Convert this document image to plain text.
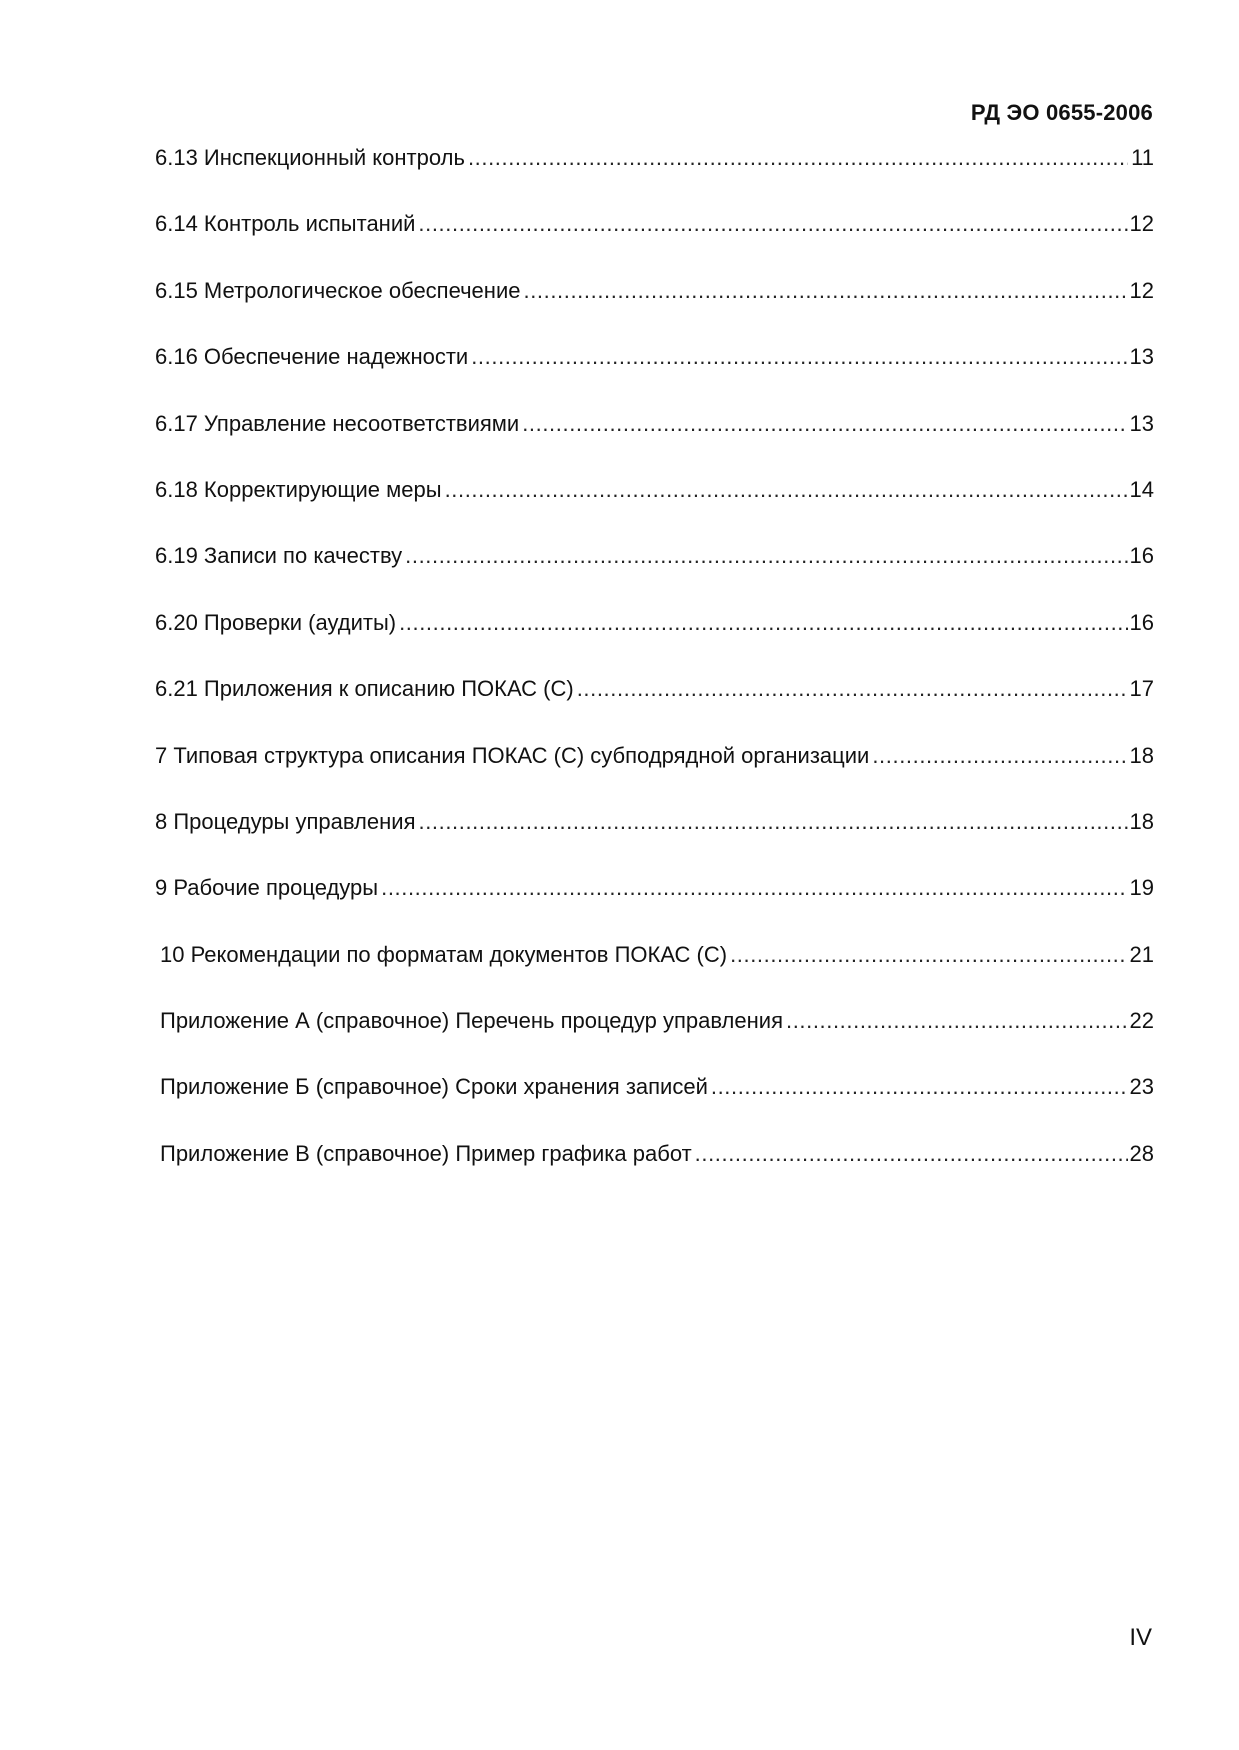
РД ЭО 0655-2006
6.13 Инспекционный контроль .....	11
6.14 Контроль испытаний .....	12
6.15 Метрологическое обеспечение .....	12
6.16 Обеспечение надежности .....	13
6.17 Управление несоответствиями .....	13
6.18 Корректирующие меры .....	14
6.19 Записи по качеству .....	16
6.20 Проверки (аудиты) .....	16
6.21 Приложения к описанию ПОКАС (С) .....	17
7 Типовая структура описания ПОКАС (С) субподрядной организации .....	18
8 Процедуры управления .....	18
9 Рабочие процедуры .....	19
10 Рекомендации по форматам документов ПОКАС (С) .....	21
Приложение А (справочное) Перечень процедур управления .....	22
Приложение Б (справочное) Сроки хранения записей .....	23
Приложение В (справочное) Пример графика работ .....	28
IV
